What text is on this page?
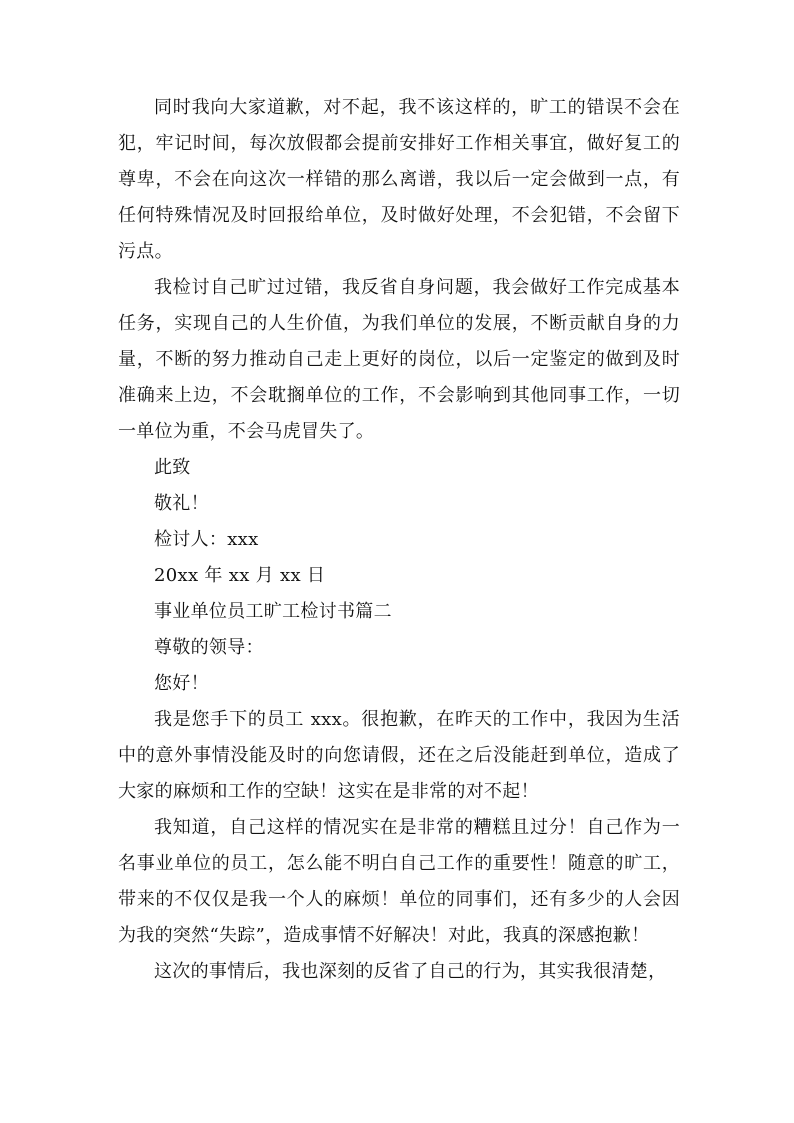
同时我向大家道歉，对不起，我不该这样的，旷工的错误不会在犯，牢记时间，每次放假都会提前安排好工作相关事宜，做好复工的尊卑，不会在向这次一样错的那么离谱，我以后一定会做到一点，有任何特殊情况及时回报给单位，及时做好处理，不会犯错，不会留下污点。

我检讨自己旷过过错，我反省自身问题，我会做好工作完成基本任务，实现自己的人生价值，为我们单位的发展，不断贡献自身的力量，不断的努力推动自己走上更好的岗位，以后一定鉴定的做到及时准确来上边，不会耽搁单位的工作，不会影响到其他同事工作，一切一单位为重，不会马虎冒失了。

此致

敬礼！

检讨人：xxx

20xx 年 xx 月 xx 日

事业单位员工旷工检讨书篇二

尊敬的领导：

您好！

我是您手下的员工 xxx。很抱歉，在昨天的工作中，我因为生活中的意外事情没能及时的向您请假，还在之后没能赶到单位，造成了大家的麻烦和工作的空缺！这实在是非常的对不起！

我知道，自己这样的情况实在是非常的糟糕且过分！自己作为一名事业单位的员工，怎么能不明白自己工作的重要性！随意的旷工，带来的不仅仅是我一个人的麻烦！单位的同事们，还有多少的人会因为我的突然“失踪”，造成事情不好解决！对此，我真的深感抱歉！

这次的事情后，我也深刻的反省了自己的行为，其实我很清楚，
